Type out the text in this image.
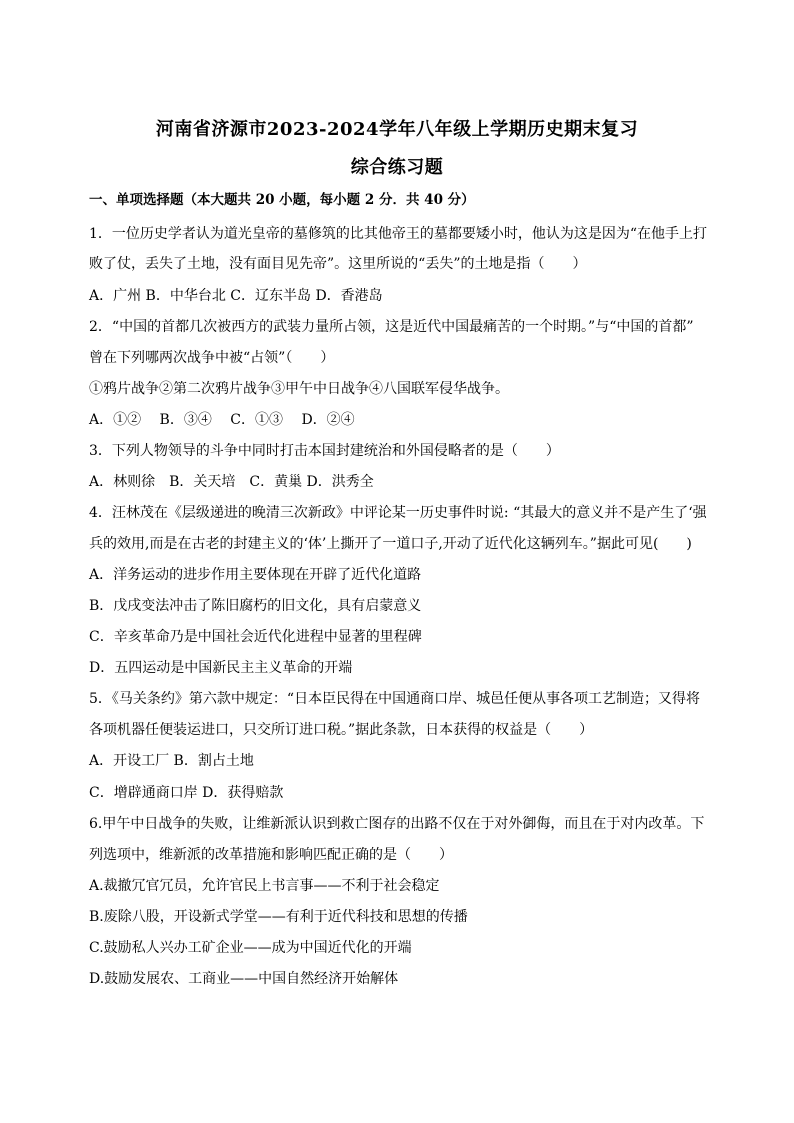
河南省济源市2023-2024学年八年级上学期历史期末复习
综合练习题
一、单项选择题（本大题共 20 小题，每小题 2 分．共 40 分）
1．一位历史学者认为道光皇帝的墓修筑的比其他帝王的墓都要矮小时，他认为这是因为“在他手上打
败了仗，丢失了土地，没有面目见先帝”。这里所说的“丢失”的土地是指（　　）
A．广州 B．中华台北 C．辽东半岛 D．香港岛
2．“中国的首都几次被西方的武装力量所占领，这是近代中国最痛苦的一个时期。”与“中国的首都”
曾在下列哪两次战争中被“占领”（　　）
①鸦片战争②第二次鸦片战争③甲午中日战争④八国联军侵华战争。
A．①②　 B．③④　 C．①③　 D．②④
3．下列人物领导的斗争中同时打击本国封建统治和外国侵略者的是（　　）
A．林则徐　B．关天培　C．黄巢 D．洪秀全
4．汪林茂在《层级递进的晚清三次新政》中评论某一历史事件时说: “其最大的意义并不是产生了‘强
兵的效用,而是在古老的封建主义的‘体’上撕开了一道口子,开动了近代化这辆列车。”据此可见(　　)
A．洋务运动的进步作用主要体现在开辟了近代化道路
B．戊戌变法冲击了陈旧腐朽的旧文化，具有启蒙意义
C．辛亥革命乃是中国社会近代化进程中显著的里程碑
D．五四运动是中国新民主主义革命的开端
5．《马关条约》第六款中规定：“日本臣民得在中国通商口岸、城邑任便从事各项工艺制造；又得将
各项机器任便装运进口，只交所订进口税。”据此条款，日本获得的权益是（　　）
A．开设工厂 B．割占土地
C．增辟通商口岸 D．获得赔款
6.甲午中日战争的失败，让维新派认识到救亡图存的出路不仅在于对外御侮，而且在于对内改革。下
列选项中，维新派的改革措施和影响匹配正确的是（　　）
A.裁撤冗官冗员，允许官民上书言事——不利于社会稳定
B.废除八股，开设新式学堂——有利于近代科技和思想的传播
C.鼓励私人兴办工矿企业——成为中国近代化的开端
D.鼓励发展农、工商业——中国自然经济开始解体
